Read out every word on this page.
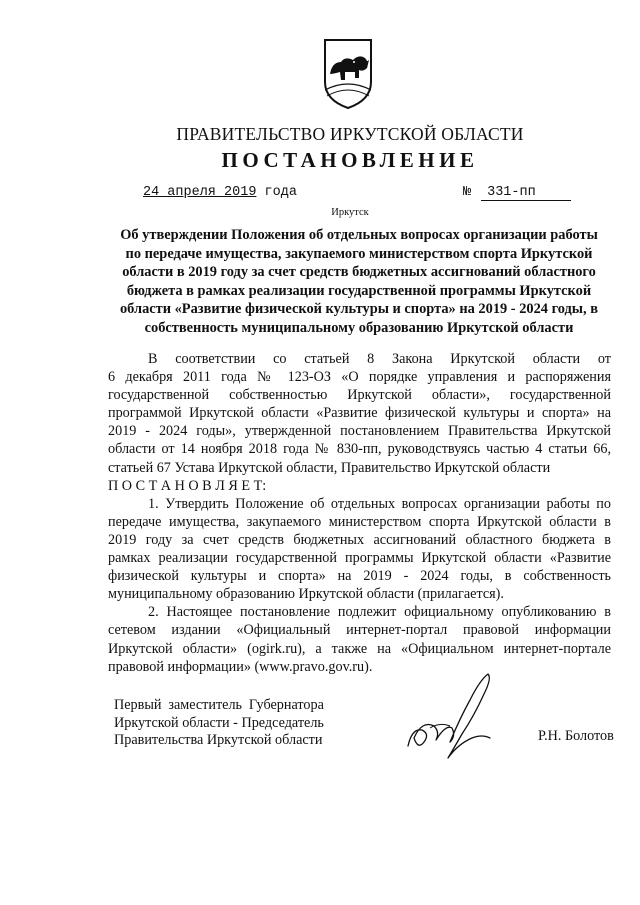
ПРАВИТЕЛЬСТВО ИРКУТСКОЙ ОБЛАСТИ
ПОСТАНОВЛЕНИЕ
24 апреля 2019 года	№ 331-пп
Иркутск
Об утверждении Положения об отдельных вопросах организации работы
по передаче имущества, закупаемого министерством спорта Иркутской
области в 2019 году за счет средств бюджетных ассигнований областного
бюджета в рамках реализации государственной программы Иркутской
области «Развитие физической культуры и спорта» на 2019 - 2024 годы, в
собственность муниципальному образованию Иркутской области
В соответствии со статьей 8 Закона Иркутской области от
6 декабря 2011 года № 123-ОЗ «О порядке управления и распоряжения
государственной собственностью Иркутской области», государственной
программой Иркутской области «Развитие физической культуры и спорта» на
2019 - 2024 годы», утвержденной постановлением Правительства Иркутской
области от 14 ноября 2018 года № 830-пп, руководствуясь частью 4 статьи 66,
статьей 67 Устава Иркутской области, Правительство Иркутской области
П О С Т А Н О В Л Я Е Т:
1. Утвердить Положение об отдельных вопросах организации работы по
передаче имущества, закупаемого министерством спорта Иркутской области в
2019 году за счет средств бюджетных ассигнований областного бюджета в
рамках реализации государственной программы Иркутской области «Развитие
физической культуры и спорта» на 2019 - 2024 годы, в собственность
муниципальному образованию Иркутской области (прилагается).
2. Настоящее постановление подлежит официальному опубликованию в
сетевом издании «Официальный интернет-портал правовой информации
Иркутской области» (ogirk.ru), а также на «Официальном интернет-портале
правовой информации» (www.pravo.gov.ru).
Первый заместитель Губернатора
Иркутской области - Председатель
Правительства Иркутской области	Р.Н. Болотов
